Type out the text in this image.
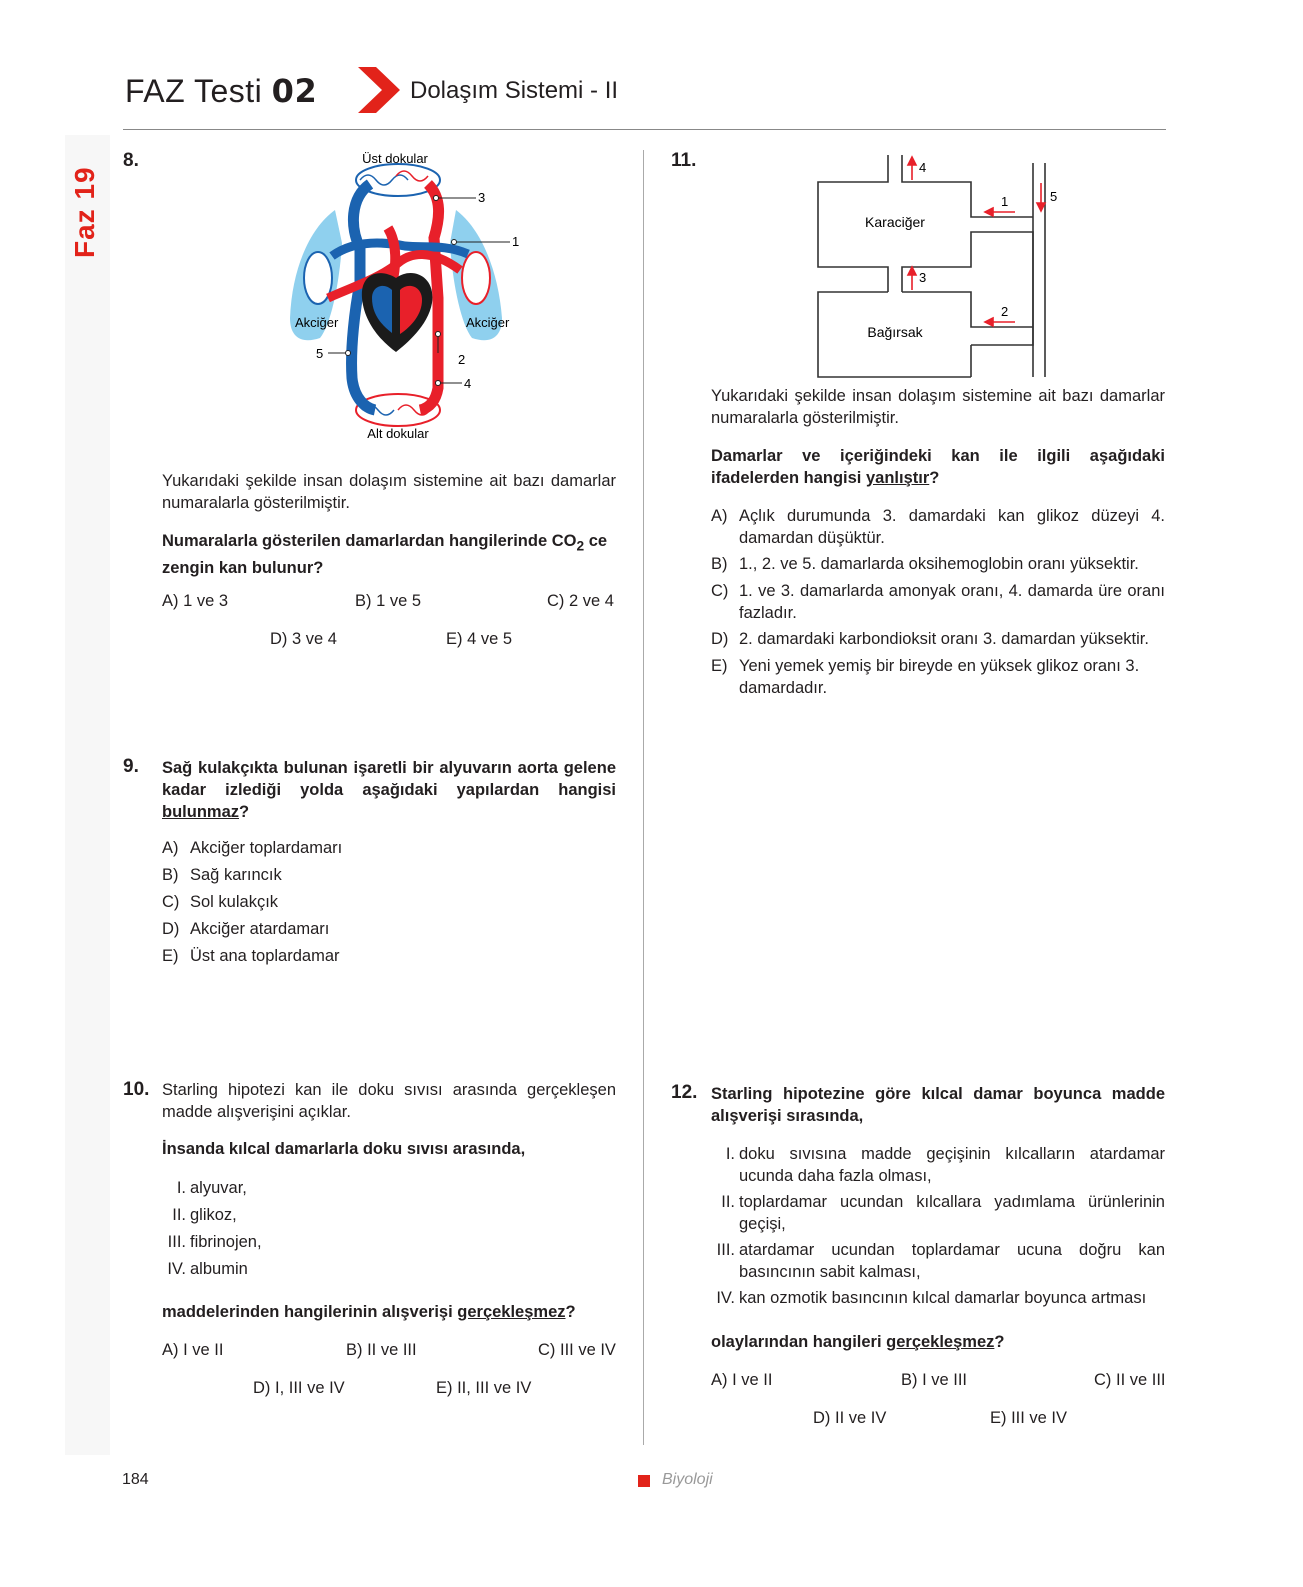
Faz 19
FAZ Testi 02	Dolaşım Sistemi - II
8.	Üst dokular
Alt dokular
Akciğer	Akciğer
1
2
3
4
5
Yukarıdaki şekilde insan dolaşım sistemine ait bazı damarlar numaralarla gösterilmiştir.
Numaralarla gösterilen damarlardan hangilerinde $CO_2$ ce zengin kan bulunur?
A) 1 ve 3	B) 1 ve 5	C) 2 ve 4
D) 3 ve 4	E) 4 ve 5
9. Sağ kulakçıkta bulunan işaretli bir alyuvarın aorta gelene kadar izlediği yolda aşağıdaki yapılardan hangisi bulunmaz?
A) Akciğer toplardamarı
B) Sağ karıncık
C) Sol kulakçık
D) Akciğer atardamarı
E) Üst ana toplardamar
10. Starling hipotezi kan ile doku sıvısı arasında gerçekleşen madde alışverişini açıklar.
İnsanda kılcal damarlarla doku sıvısı arasında,
I. alyuvar,
II. glikoz,
III. fibrinojen,
IV. albumin
maddelerinden hangilerinin alışverişi gerçekleşmez?
A) I ve II	B) II ve III	C) III ve IV
D) I, III ve IV	E) II, III ve IV
11.
Karaciğer
Bağırsak
1
2
3
4
5
Yukarıdaki şekilde insan dolaşım sistemine ait bazı damarlar numaralarla gösterilmiştir.
Damarlar ve içeriğindeki kan ile ilgili aşağıdaki ifadelerden hangisi yanlıştır?
A) Açlık durumunda 3. damardaki kan glikoz düzeyi 4. damardan düşüktür.
B) 1., 2. ve 5. damarlarda oksihemoglobin oranı yüksektir.
C) 1. ve 3. damarlarda amonyak oranı, 4. damarda üre oranı fazladır.
D) 2. damardaki karbondioksit oranı 3. damardan yüksektir.
E) Yeni yemek yemiş bir bireyde en yüksek glikoz oranı 3. damardadır.
12. Starling hipotezine göre kılcal damar boyunca madde alışverişi sırasında,
I. doku sıvısına madde geçişinin kılcalların atardamar ucunda daha fazla olması,
II. toplardamar ucundan kılcallara yadımlama ürünlerinin geçişi,
III. atardamar ucundan toplardamar ucuna doğru kan basıncının sabit kalması,
IV. kan ozmotik basıncının kılcal damarlar boyunca artması
olaylarından hangileri gerçekleşmez?
A) I ve II	B) I ve III	C) II ve III
D) II ve IV	E) III ve IV
184	Biyoloji
